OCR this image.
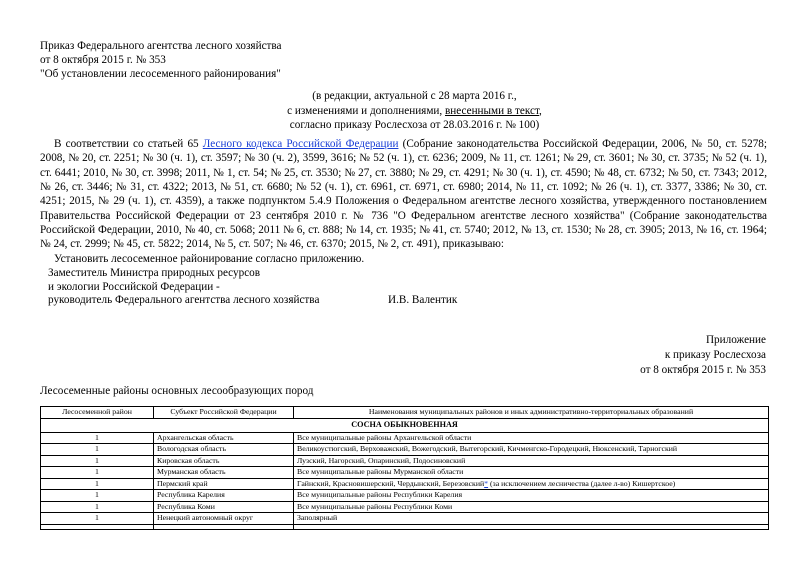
Приказ Федерального агентства лесного хозяйства
от 8 октября 2015 г. № 353
"Об установлении лесосеменного районирования"
(в редакции, актуальной с 28 марта 2016 г.,
с изменениями и дополнениями, внесенными в текст,
согласно приказу Рослесхоза от 28.03.2016 г. № 100)

В соответствии со статьей 65 Лесного кодекса Российской Федерации (Собрание законодательства Российской Федерации, 2006, № 50, ст. 5278; 2008, № 20, ст. 2251; № 30 (ч. 1), ст. 3597; № 30 (ч. 2), 3599, 3616; № 52 (ч. 1), ст. 6236; 2009, № 11, ст. 1261; № 29, ст. 3601; № 30, ст. 3735; № 52 (ч. 1), ст. 6441; 2010, № 30, ст. 3998; 2011, № 1, ст. 54; № 25, ст. 3530; № 27, ст. 3880; № 29, ст. 4291; № 30 (ч. 1), ст. 4590; № 48, ст. 6732; № 50, ст. 7343; 2012, № 26, ст. 3446; № 31, ст. 4322; 2013, № 51, ст. 6680; № 52 (ч. 1), ст. 6961, ст. 6971, ст. 6980; 2014, № 11, ст. 1092; № 26 (ч. 1), ст. 3377, 3386; № 30, ст. 4251; 2015, № 29 (ч. 1), ст. 4359), а также подпунктом 5.4.9 Положения о Федеральном агентстве лесного хозяйства, утвержденного постановлением Правительства Российской Федерации от 23 сентября 2010 г. № 736 "О Федеральном агентстве лесного хозяйства" (Собрание законодательства Российской Федерации, 2010, № 40, ст. 5068; 2011 № 6, ст. 888; № 14, ст. 1935; № 41, ст. 5740; 2012, № 13, ст. 1530; № 28, ст. 3905; 2013, № 16, ст. 1964; № 24, ст. 2999; № 45, ст. 5822; 2014, № 5, ст. 507; № 46, ст. 6370; 2015, № 2, ст. 491), приказываю:

Установить лесосеменное районирование согласно приложению.

Заместитель Министра природных ресурсов
и экологии Российской Федерации -
руководитель Федерального агентства лесного хозяйства	И.В. Валентик
Приложение
к приказу Рослесхоза
от 8 октября 2015 г. № 353
Лесосеменные районы основных лесообразующих пород
Лесосеменной район	Субъект Российской Федерации	Наименования муниципальных районов и иных административно-территориальных образований
СОСНА ОБЫКНОВЕННАЯ		
1	Архангельская область	Все муниципальные районы Архангельской области
1	Вологодская область	Великоустюгский, Верховажский, Вожегодский, Вытегорский, Кичменгско-Городецкий, Нюксенский, Тарногский
1	Кировская область	Лузский, Нагорский, Опаринский, Подосиновский
1	Мурманская область	Все муниципальные районы Мурманской области
1	Пермский край	Гайнский, Красновишерский, Чердынский, Березовский* (за исключением лесничества (далее л-во) Кишертское)
1	Республика Карелия	Все муниципальные районы Республики Карелия
1	Республика Коми	Все муниципальные районы Республики Коми
1	Ненецкий автономный округ	Заполярный
